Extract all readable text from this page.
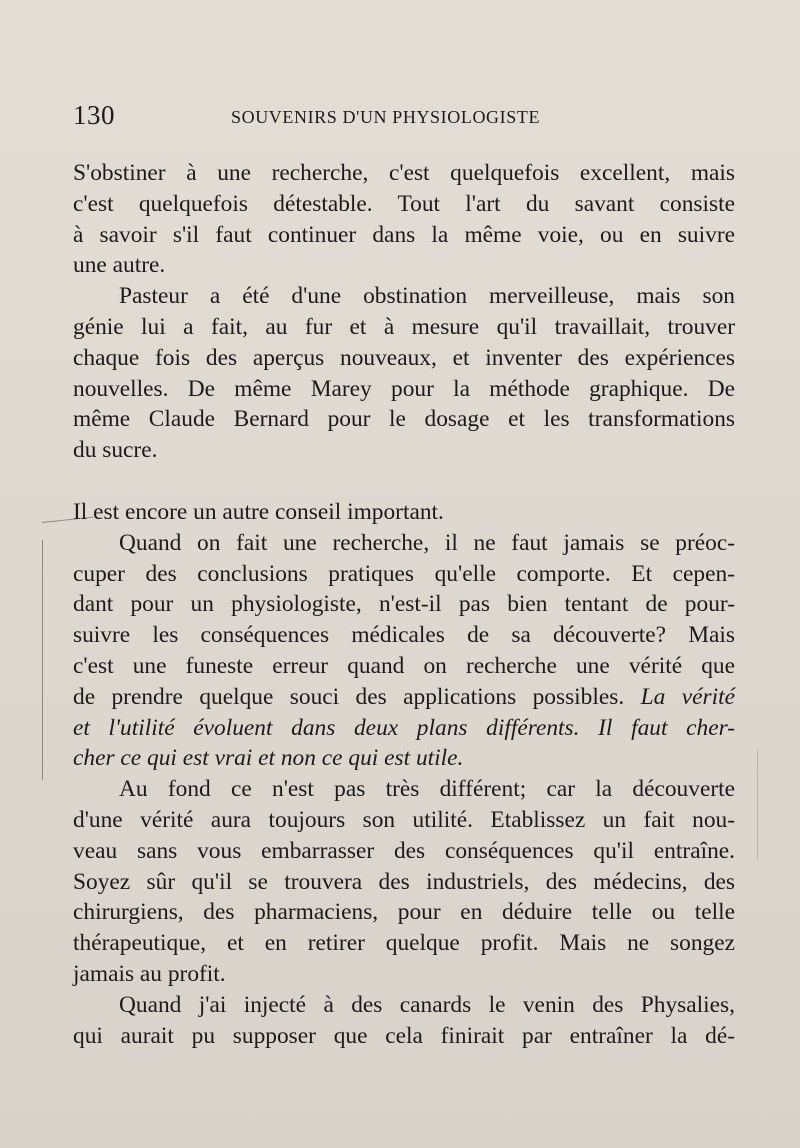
130	SOUVENIRS D'UN PHYSIOLOGISTE
S'obstiner à une recherche, c'est quelquefois excellent, mais
c'est quelquefois détestable. Tout l'art du savant consiste
à savoir s'il faut continuer dans la même voie, ou en suivre
une autre.
Pasteur a été d'une obstination merveilleuse, mais son
génie lui a fait, au fur et à mesure qu'il travaillait, trouver
chaque fois des aperçus nouveaux, et inventer des expériences
nouvelles. De même Marey pour la méthode graphique. De
même Claude Bernard pour le dosage et les transformations
du sucre.
Il est encore un autre conseil important.
Quand on fait une recherche, il ne faut jamais se préoc-
cuper des conclusions pratiques qu'elle comporte. Et cepen-
dant pour un physiologiste, n'est-il pas bien tentant de pour-
suivre les conséquences médicales de sa découverte? Mais
c'est une funeste erreur quand on recherche une vérité que
de prendre quelque souci des applications possibles. La vérité
et l'utilité évoluent dans deux plans différents. Il faut cher-
cher ce qui est vrai et non ce qui est utile.
Au fond ce n'est pas très différent; car la découverte
d'une vérité aura toujours son utilité. Etablissez un fait nou-
veau sans vous embarrasser des conséquences qu'il entraîne.
Soyez sûr qu'il se trouvera des industriels, des médecins, des
chirurgiens, des pharmaciens, pour en déduire telle ou telle
thérapeutique, et en retirer quelque profit. Mais ne songez
jamais au profit.
Quand j'ai injecté à des canards le venin des Physalies,
qui aurait pu supposer que cela finirait par entraîner la dé-
